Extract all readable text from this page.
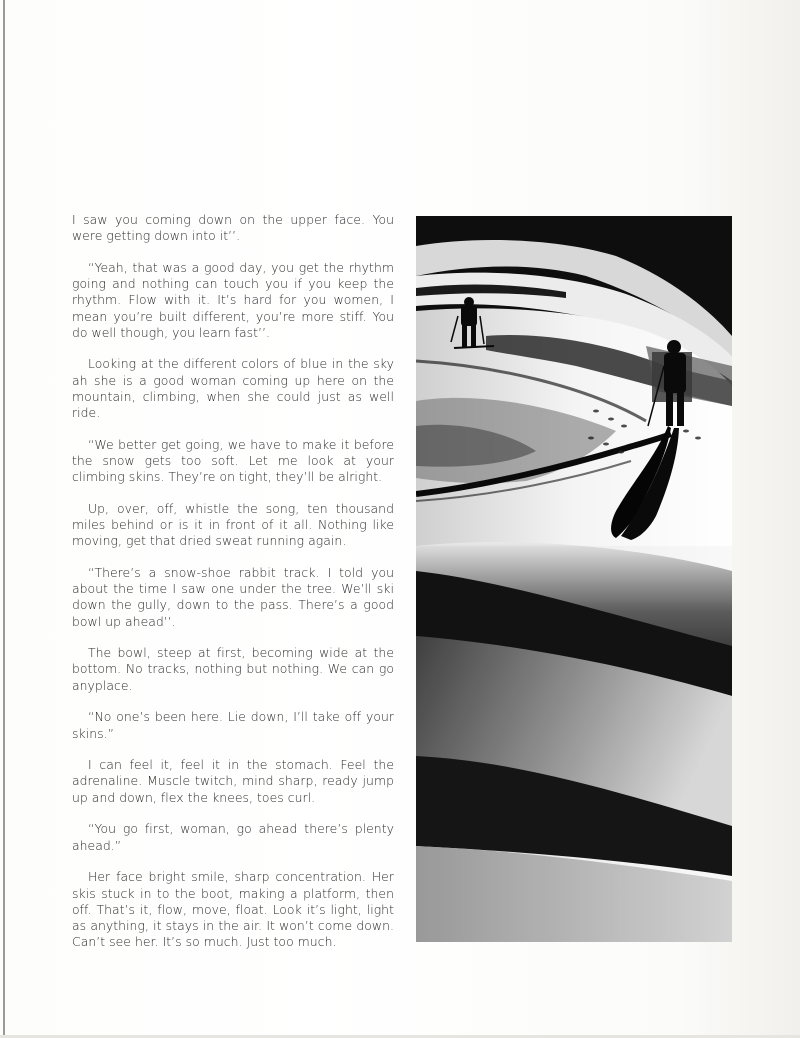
I saw you coming down on the upper face. You were getting down into it’’.

“Yeah, that was a good day, you get the rhythm going and nothing can touch you if you keep the rhythm. Flow with it. It’s hard for you women, I mean you’re built different, you’re more stiff. You do well though, you learn fast’’.

Looking at the different colors of blue in the sky ah she is a good woman coming up here on the mountain, climbing, when she could just as well ride.

“We better get going, we have to make it before the snow gets too soft. Let me look at your climbing skins. They’re on tight, they’ll be alright.

Up, over, off, whistle the song, ten thousand miles behind or is it in front of it all. Nothing like moving, get that dried sweat running again.

“There’s a snow-shoe rabbit track. I told you about the time I saw one under the tree. We’ll ski down the gully, down to the pass. There’s a good bowl up ahead’’.

The bowl, steep at first, becoming wide at the bottom. No tracks, nothing but nothing. We can go anyplace.

“No one’s been here. Lie down, I’ll take off your skins.”

I can feel it, feel it in the stomach. Feel the adrenaline. Muscle twitch, mind sharp, ready jump up and down, flex the knees, toes curl.

“You go first, woman, go ahead there’s plenty ahead.”

Her face bright smile, sharp concentration. Her skis stuck in to the boot, making a platform, then off. That’s it, flow, move, float. Look it’s light, light as anything, it stays in the air. It won’t come down. Can’t see her. It’s so much. Just too much.
